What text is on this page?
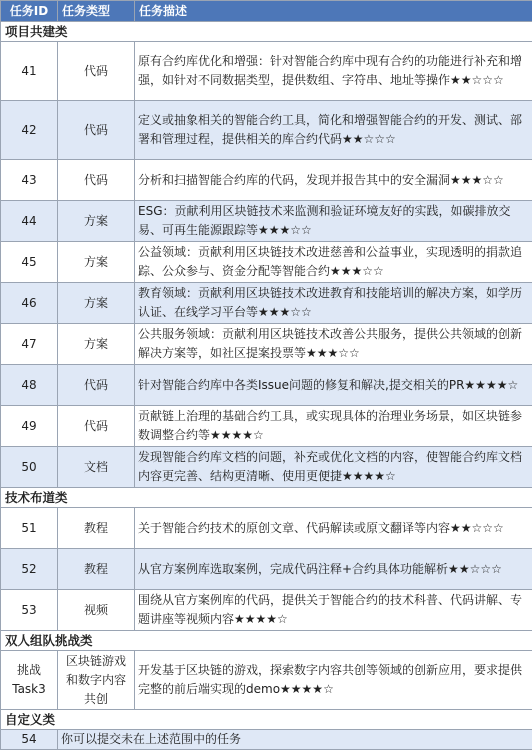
任务ID	任务类型	任务描述
项目共建类		
41	代码	原有合约库优化和增强：针对智能合约库中现有合约的功能进行补充和增强，如针对不同数据类型，提供数组、字符串、地址等操作★★☆☆☆
42	代码	定义或抽象相关的智能合约工具，简化和增强智能合约的开发、测试、部署和管理过程，提供相关的库合约代码★★☆☆☆
43	代码	分析和扫描智能合约库的代码，发现并报告其中的安全漏洞★★★☆☆
44	方案	ESG：贡献利用区块链技术来监测和验证环境友好的实践，如碳排放交易、可再生能源跟踪等★★★☆☆
45	方案	公益领域：贡献利用区块链技术改进慈善和公益事业，实现透明的捐款追踪、公众参与、资金分配等智能合约★★★☆☆
46	方案	教育领域：贡献利用区块链技术改进教育和技能培训的解决方案，如学历认证、在线学习平台等★★★☆☆
47	方案	公共服务领域：贡献利用区块链技术改善公共服务，提供公共领域的创新解决方案等，如社区提案投票等★★★☆☆
48	代码	针对智能合约库中各类Issue问题的修复和解决,提交相关的PR★★★★☆
49	代码	贡献链上治理的基础合约工具，或实现具体的治理业务场景，如区块链参数调整合约等★★★★☆
50	文档	发现智能合约库文档的问题，补充或优化文档的内容，使智能合约库文档内容更完善、结构更清晰、使用更便捷★★★★☆
技术布道类		
51	教程	关于智能合约技术的原创文章、代码解读或原文翻译等内容★★☆☆☆
52	教程	从官方案例库选取案例，完成代码注释+合约具体功能解析★★☆☆☆
53	视频	围绕从官方案例库的代码，提供关于智能合约的技术科普、代码讲解、专题讲座等视频内容★★★★☆
双人组队挑战类		
挑战Task3	区块链游戏和数字内容共创	开发基于区块链的游戏，探索数字内容共创等领域的创新应用，要求提供完整的前后端实现的demo★★★★☆
自定义类		
54	你可以提交未在上述范围中的任务	
